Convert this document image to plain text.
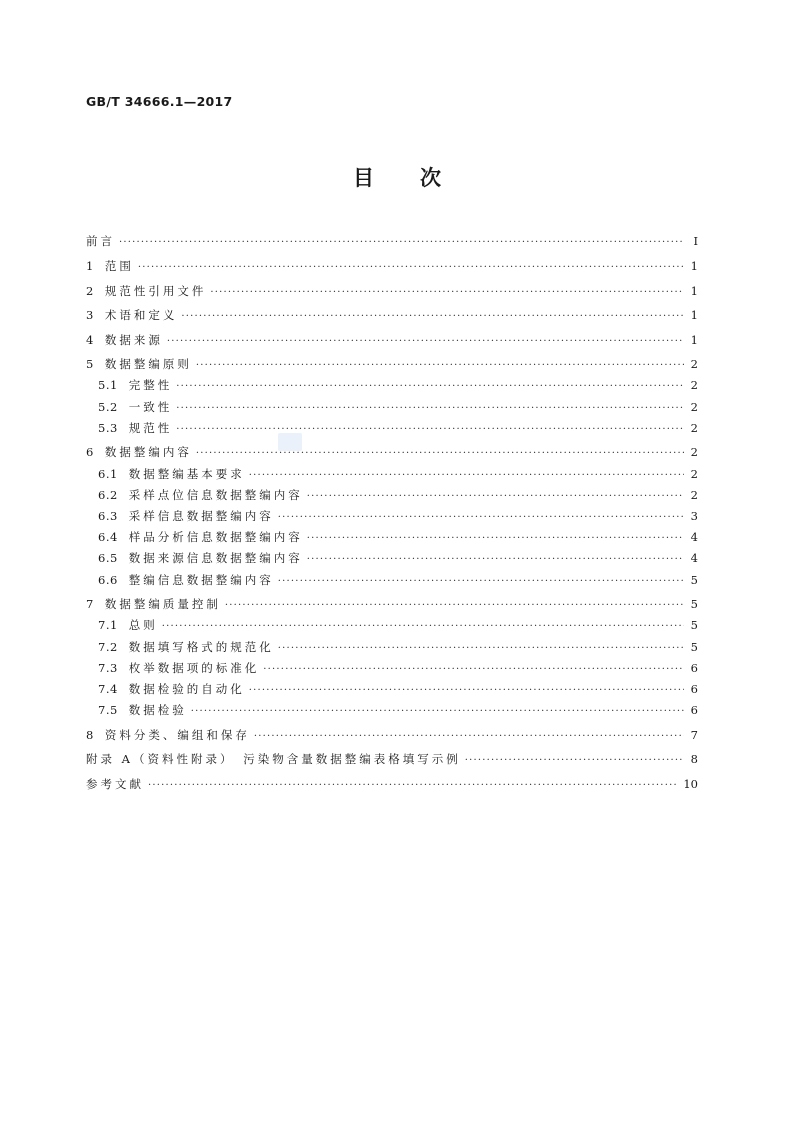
GB/T 34666.1—2017
目 次
前言 ·····	Ⅰ
1 范围 ·····	1
2 规范性引用文件 ·····	1
3 术语和定义 ·····	1
4 数据来源 ·····	1
5 数据整编原则 ·····	2
5.1 完整性 ·····	2
5.2 一致性 ·····	2
5.3 规范性 ·····	2
6 数据整编内容 ·····	2
6.1 数据整编基本要求 ·····	2
6.2 采样点位信息数据整编内容 ·····	2
6.3 采样信息数据整编内容 ·····	3
6.4 样品分析信息数据整编内容 ·····	4
6.5 数据来源信息数据整编内容 ·····	4
6.6 整编信息数据整编内容 ·····	5
7 数据整编质量控制 ·····	5
7.1 总则 ·····	5
7.2 数据填写格式的规范化 ·····	5
7.3 枚举数据项的标准化 ·····	6
7.4 数据检验的自动化 ·····	6
7.5 数据检验 ·····	6
8 资料分类、编组和保存 ·····	7
附录 A（资料性附录）　污染物含量数据整编表格填写示例 ·····	8
参考文献 ·····	10
